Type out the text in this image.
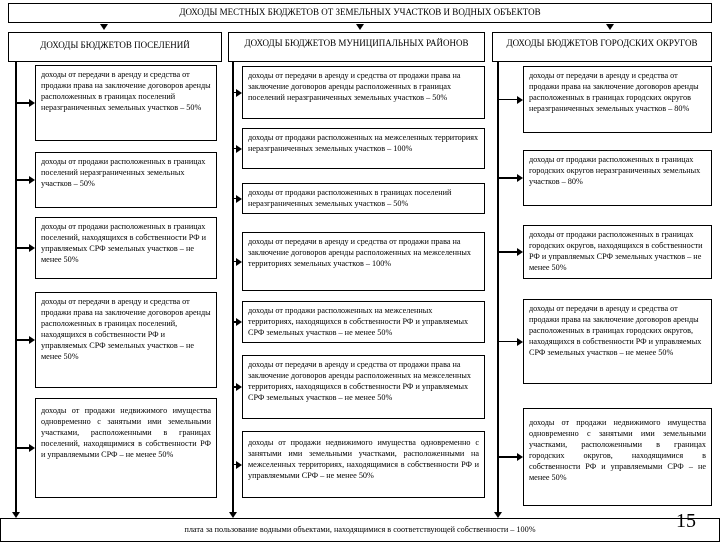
ДОХОДЫ МЕСТНЫХ БЮДЖЕТОВ ОТ ЗЕМЕЛЬНЫХ УЧАСТКОВ И ВОДНЫХ ОБЪЕКТОВ
ДОХОДЫ БЮДЖЕТОВ ПОСЕЛЕНИЙ	ДОХОДЫ БЮДЖЕТОВ МУНИЦИПАЛЬНЫХ РАЙОНОВ	ДОХОДЫ БЮДЖЕТОВ ГОРОДСКИХ ОКРУГОВ
доходы от передачи в аренду и средства от продажи права на заключение договоров аренды расположенных в границах поселений неразграниченных земельных участков – 50%
доходы от продажи расположенных в границах поселений неразграниченных земельных участков – 50%
доходы от продажи расположенных в границах поселений, находящихся в собственности РФ и управляемых СРФ земельных участков – не менее 50%
доходы от передачи в аренду и средства от продажи права на заключение договоров аренды расположенных в границах поселений, находящихся в собственности РФ и управляемых СРФ земельных участков – не менее 50%
доходы от продажи недвижимого имущества одновременно с занятыми ими земельными участками, расположенными в границах поселений, находящимися в собственности РФ и управляемыми СРФ – не менее 50%
доходы от передачи в аренду и средства от продажи права на заключение договоров аренды расположенных в границах поселений неразграниченных земельных участков – 50%
доходы от продажи расположенных на межселенных территориях неразграниченных земельных участков – 100%
доходы от продажи расположенных в границах поселений неразграниченных земельных участков – 50%
доходы от передачи в аренду и средства от продажи права на заключение договоров аренды расположенных на межселенных территориях земельных участков – 100%
доходы от продажи расположенных на межселенных территориях, находящихся в собственности РФ и управляемых СРФ земельных участков – не менее 50%
доходы от передачи в аренду и средства от продажи права на заключение договоров аренды расположенных на межселенных территориях, находящихся в собственности РФ и управляемых СРФ земельных участков – не менее 50%
доходы от продажи недвижимого имущества одновременно с занятыми ими земельными участками, расположенными на межселенных территориях, находящимися в собственности РФ и управляемыми СРФ – не менее 50%
доходы от передачи в аренду и средства от продажи права на заключение договоров аренды расположенных в границах городских округов неразграниченных земельных участков – 80%
доходы от продажи расположенных в границах городских округов неразграниченных земельных участков – 80%
доходы от продажи расположенных в границах городских округов, находящихся в собственности РФ и управляемых СРФ земельных участков – не менее 50%
доходы от передачи в аренду и средства от продажи права на заключение договоров аренды расположенных в границах городских округов, находящихся в собственности РФ и управляемых СРФ земельных участков – не менее 50%
доходы от продажи недвижимого имущества одновременно с занятыми ими земельными участками, расположенными в границах городских округов, находящимися в собственности РФ и управляемыми СРФ – не менее 50%
плата за пользование водными объектами, находящимися в соответствующей собственности – 100%	15
